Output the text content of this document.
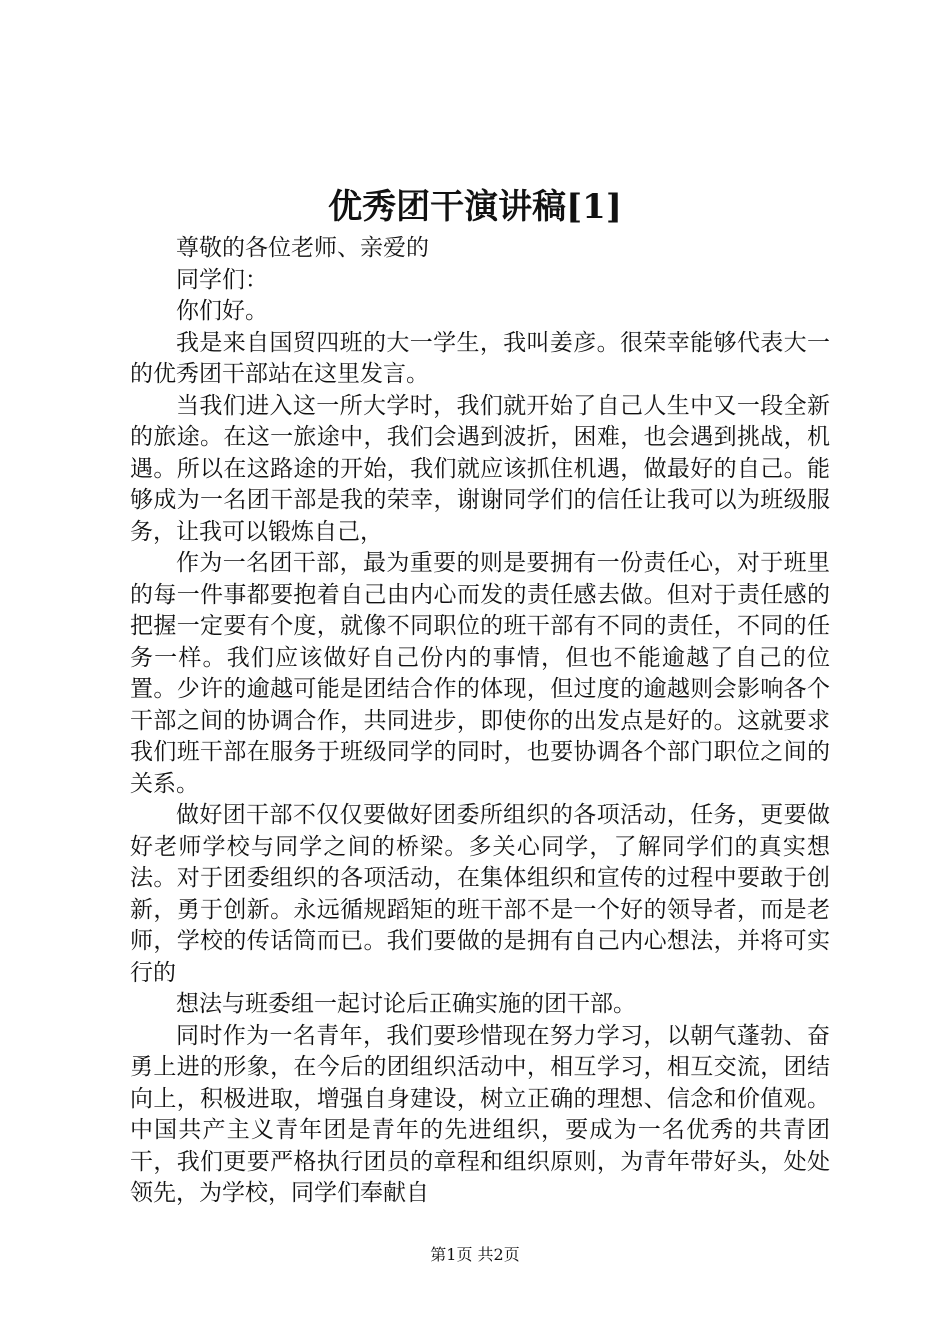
优秀团干演讲稿[1]

尊敬的各位老师、亲爱的

同学们：

你们好。

我是来自国贸四班的大一学生，我叫姜彦。很荣幸能够代表大一的优秀团干部站在这里发言。

当我们进入这一所大学时，我们就开始了自己人生中又一段全新的旅途。在这一旅途中，我们会遇到波折，困难，也会遇到挑战，机遇。所以在这路途的开始，我们就应该抓住机遇，做最好的自己。能够成为一名团干部是我的荣幸，谢谢同学们的信任让我可以为班级服务，让我可以锻炼自己，

作为一名团干部，最为重要的则是要拥有一份责任心，对于班里的每一件事都要抱着自己由内心而发的责任感去做。但对于责任感的把握一定要有个度，就像不同职位的班干部有不同的责任，不同的任务一样。我们应该做好自己份内的事情，但也不能逾越了自己的位置。少许的逾越可能是团结合作的体现，但过度的逾越则会影响各个干部之间的协调合作，共同进步，即使你的出发点是好的。这就要求我们班干部在服务于班级同学的同时，也要协调各个部门职位之间的关系。

做好团干部不仅仅要做好团委所组织的各项活动，任务，更要做好老师学校与同学之间的桥梁。多关心同学，了解同学们的真实想法。对于团委组织的各项活动，在集体组织和宣传的过程中要敢于创新，勇于创新。永远循规蹈矩的班干部不是一个好的领导者，而是老师，学校的传话筒而已。我们要做的是拥有自己内心想法，并将可实行的

想法与班委组一起讨论后正确实施的团干部。

同时作为一名青年，我们要珍惜现在努力学习，以朝气蓬勃、奋勇上进的形象，在今后的团组织活动中，相互学习，相互交流，团结向上，积极进取，增强自身建设，树立正确的理想、信念和价值观。中国共产主义青年团是青年的先进组织，要成为一名优秀的共青团干，我们更要严格执行团员的章程和组织原则，为青年带好头，处处领先，为学校，同学们奉献自

第1页 共2页
